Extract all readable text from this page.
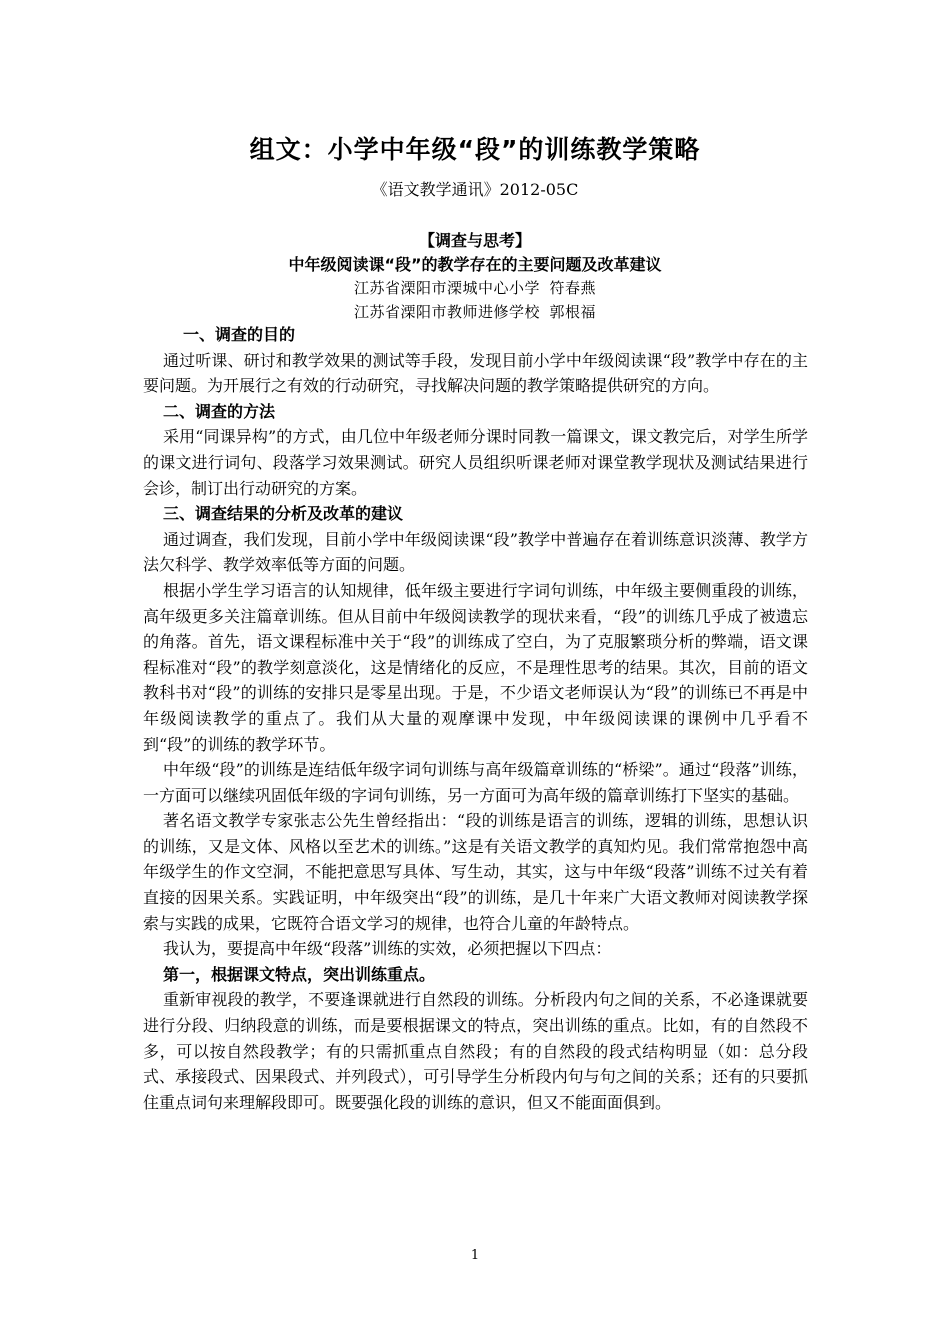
组文：小学中年级“段”的训练教学策略
《语文教学通讯》2012-05C
【调查与思考】
中年级阅读课“段”的教学存在的主要问题及改革建议
江苏省溧阳市溧城中心小学 符春燕
江苏省溧阳市教师进修学校 郭根福
一、调查的目的

通过听课、研讨和教学效果的测试等手段，发现目前小学中年级阅读课“段”教学中存在的主要问题。为开展行之有效的行动研究，寻找解决问题的教学策略提供研究的方向。

二、调查的方法

采用“同课异构”的方式，由几位中年级老师分课时同教一篇课文，课文教完后，对学生所学的课文进行词句、段落学习效果测试。研究人员组织听课老师对课堂教学现状及测试结果进行会诊，制订出行动研究的方案。

三、调查结果的分析及改革的建议

通过调查，我们发现，目前小学中年级阅读课“段”教学中普遍存在着训练意识淡薄、教学方法欠科学、教学效率低等方面的问题。

根据小学生学习语言的认知规律，低年级主要进行字词句训练，中年级主要侧重段的训练，高年级更多关注篇章训练。但从目前中年级阅读教学的现状来看，“段”的训练几乎成了被遗忘的角落。首先，语文课程标准中关于“段”的训练成了空白，为了克服繁琐分析的弊端，语文课程标准对“段”的教学刻意淡化，这是情绪化的反应，不是理性思考的结果。其次，目前的语文教科书对“段”的训练的安排只是零星出现。于是，不少语文老师误认为“段”的训练已不再是中年级阅读教学的重点了。我们从大量的观摩课中发现，中年级阅读课的课例中几乎看不到“段”的训练的教学环节。

中年级“段”的训练是连结低年级字词句训练与高年级篇章训练的“桥梁”。通过“段落”训练，一方面可以继续巩固低年级的字词句训练，另一方面可为高年级的篇章训练打下坚实的基础。

著名语文教学专家张志公先生曾经指出：“段的训练是语言的训练，逻辑的训练，思想认识的训练，又是文体、风格以至艺术的训练。”这是有关语文教学的真知灼见。我们常常抱怨中高年级学生的作文空洞，不能把意思写具体、写生动，其实，这与中年级“段落”训练不过关有着直接的因果关系。实践证明，中年级突出“段”的训练，是几十年来广大语文教师对阅读教学探索与实践的成果，它既符合语文学习的规律，也符合儿童的年龄特点。

我认为，要提高中年级“段落”训练的实效，必须把握以下四点：

第一，根据课文特点，突出训练重点。

重新审视段的教学，不要逢课就进行自然段的训练。分析段内句之间的关系，不必逢课就要进行分段、归纳段意的训练，而是要根据课文的特点，突出训练的重点。比如，有的自然段不多，可以按自然段教学；有的只需抓重点自然段；有的自然段的段式结构明显（如：总分段式、承接段式、因果段式、并列段式），可引导学生分析段内句与句之间的关系；还有的只要抓住重点词句来理解段即可。既要强化段的训练的意识，但又不能面面俱到。

1
